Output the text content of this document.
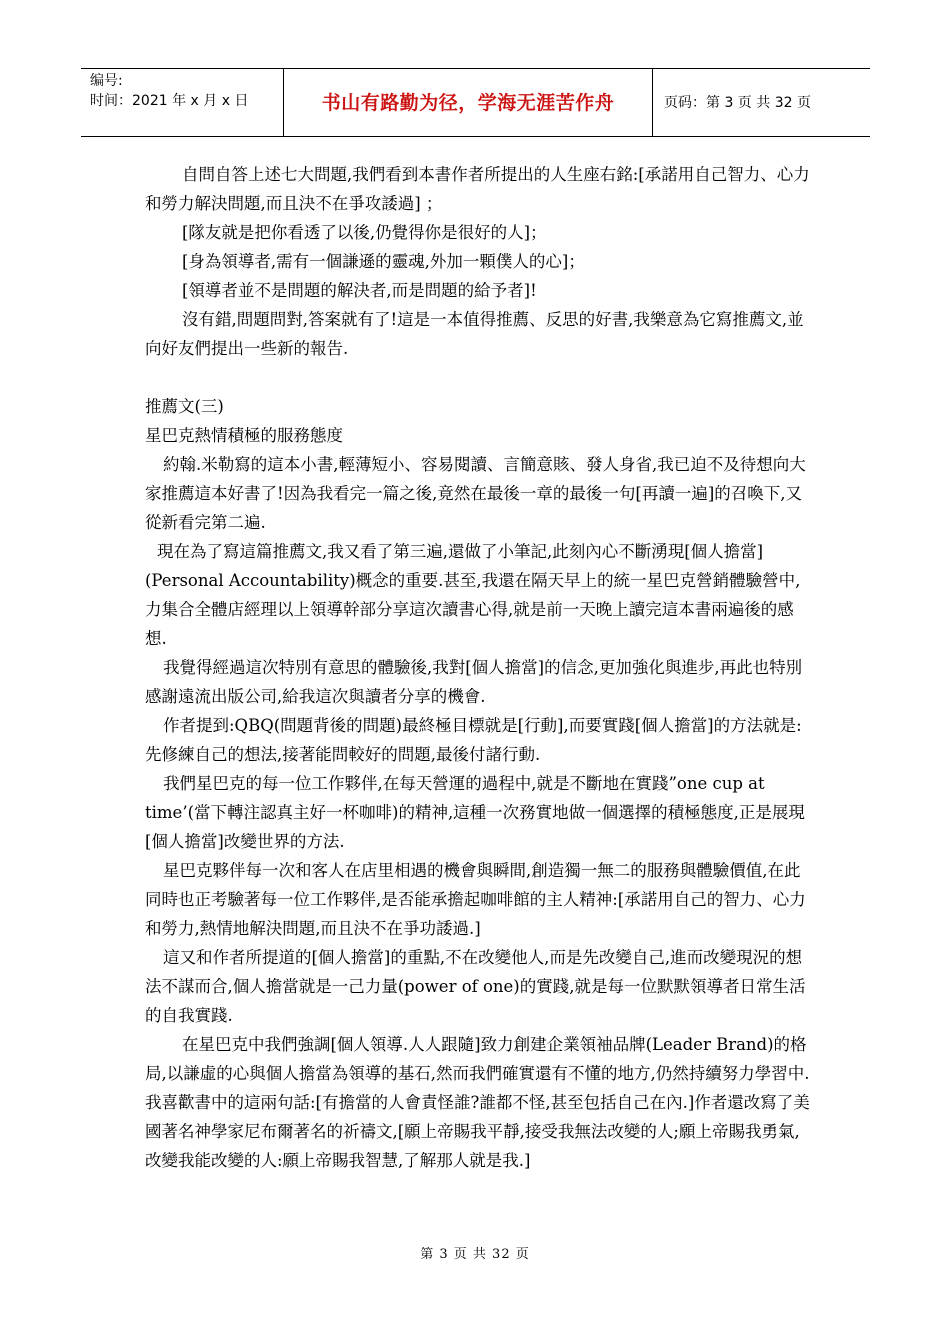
编号:
时间：2021 年 x 月 x 日	书山有路勤为径，学海无涯苦作舟	页码：第 3 页 共 32 页

自問自答上述七大問題,我們看到本書作者所提出的人生座右銘:[承諾用自己智力、心力和勞力解決問題,而且決不在爭攻諉過] ；

[隊友就是把你看透了以後,仍覺得你是很好的人]；

[身為領導者,需有一個謙遜的靈魂,外加一顆僕人的心]；

[領導者並不是問題的解決者,而是問題的給予者]!

沒有錯,問題問對,答案就有了!這是一本值得推薦、反思的好書,我樂意為它寫推薦文,並向好友們提出一些新的報告.

推薦文(三)

星巴克熱情積極的服務態度

約翰.米勒寫的這本小書,輕薄短小、容易閱讀、言簡意賅、發人身省,我已迫不及待想向大家推薦這本好書了!因為我看完一篇之後,竟然在最後一章的最後一句[再讀一遍]的召喚下,又從新看完第二遍.

現在為了寫這篇推薦文,我又看了第三遍,還做了小筆記,此刻內心不斷湧現[個人擔當](Personal Accountability)概念的重要.甚至,我還在隔天早上的統一星巴克營銷體驗營中,力集合全體店經理以上領導幹部分享這次讀書心得,就是前一天晚上讀完這本書兩遍後的感想.

我覺得經過這次特別有意思的體驗後,我對[個人擔當]的信念,更加強化與進步,再此也特別感謝遠流出版公司,給我這次與讀者分享的機會.

作者提到:QBQ(問題背後的問題)最終極目標就是[行動],而要實踐[個人擔當]的方法就是:先修練自己的想法,接著能問較好的問題,最後付諸行動.

我們星巴克的每一位工作夥伴,在每天營運的過程中,就是不斷地在實踐”one cup at time’(當下轉注認真主好一杯咖啡)的精神,這種一次務實地做一個選擇的積極態度,正是展現[個人擔當]改變世界的方法.

星巴克夥伴每一次和客人在店里相遇的機會與瞬間,創造獨一無二的服務與體驗價值,在此同時也正考驗著每一位工作夥伴,是否能承擔起咖啡館的主人精神:[承諾用自己的智力、心力和勞力,熱情地解決問題,而且決不在爭功諉過.]

這又和作者所提道的[個人擔當]的重點,不在改變他人,而是先改變自己,進而改變現況的想法不謀而合,個人擔當就是一己力量(power of one)的實踐,就是每一位默默領導者日常生活的自我實踐.

在星巴克中我們強調[個人領導.人人跟隨]致力創建企業領袖品牌(Leader Brand)的格局,以謙虛的心與個人擔當為領導的基石,然而我們確實還有不懂的地方,仍然持續努力學習中.我喜歡書中的這兩句話:[有擔當的人會責怪誰?誰都不怪,甚至包括自己在內.]作者還改寫了美國著名神學家尼布爾著名的祈禱文,[願上帝賜我平靜,接受我無法改變的人;願上帝賜我勇氣,改變我能改變的人:願上帝賜我智慧,了解那人就是我.]

第 3 页 共 32 页
